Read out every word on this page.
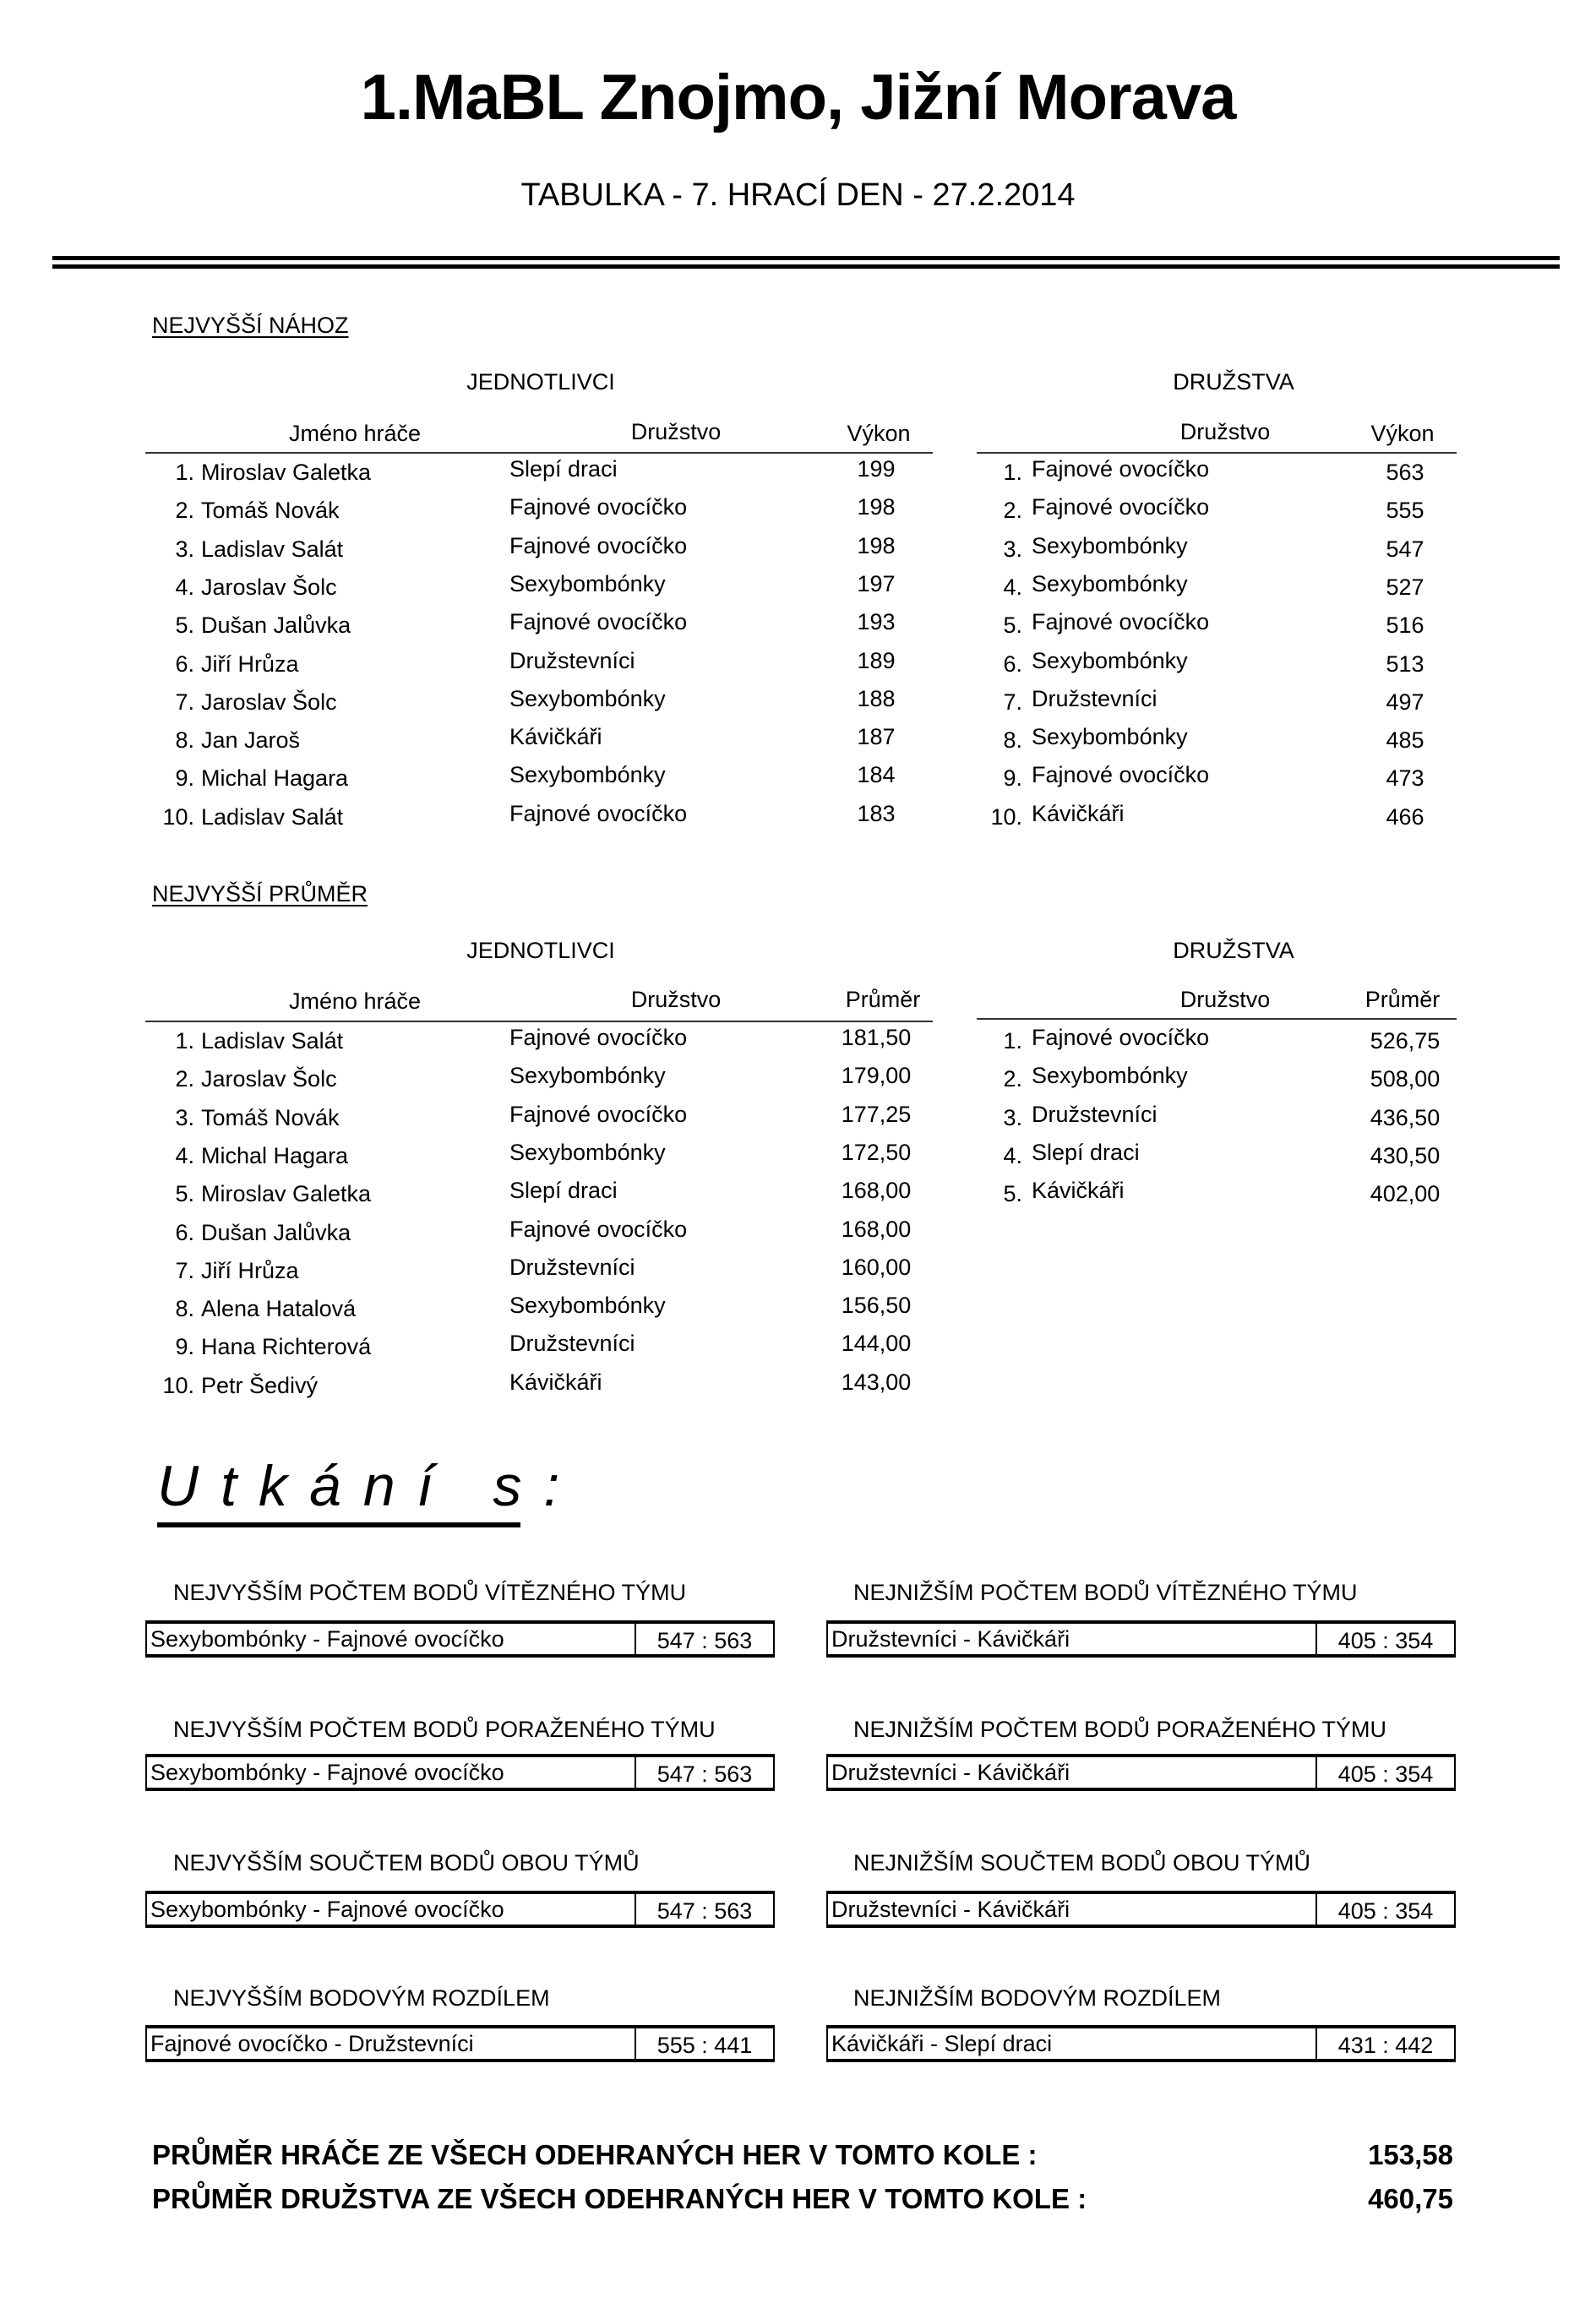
1.MaBL Znojmo, Jižní Morava
TABULKA - 7. HRACÍ DEN - 27.2.2014
NEJVYŠŠÍ NÁHOZ
JEDNOTLIVCI	DRUŽSTVA
Jméno hráče	Družstvo	Výkon
1. Miroslav Galetka	Slepí draci	199
2. Tomáš Novák	Fajnové ovocíčko	198
3. Ladislav Salát	Fajnové ovocíčko	198
4. Jaroslav Šolc	Sexybombónky	197
5. Dušan Jalůvka	Fajnové ovocíčko	193
6. Jiří Hrůza	Družstevníci	189
7. Jaroslav Šolc	Sexybombónky	188
8. Jan Jaroš	Kávičkáři	187
9. Michal Hagara	Sexybombónky	184
10. Ladislav Salát	Fajnové ovocíčko	183
Družstvo	Výkon
1. Fajnové ovocíčko	563
2. Fajnové ovocíčko	555
3. Sexybombónky	547
4. Sexybombónky	527
5. Fajnové ovocíčko	516
6. Sexybombónky	513
7. Družstevníci	497
8. Sexybombónky	485
9. Fajnové ovocíčko	473
10. Kávičkáři	466
NEJVYŠŠÍ PRŮMĚR
JEDNOTLIVCI	DRUŽSTVA
Jméno hráče	Družstvo	Průměr
1. Ladislav Salát	Fajnové ovocíčko	181,50
2. Jaroslav Šolc	Sexybombónky	179,00
3. Tomáš Novák	Fajnové ovocíčko	177,25
4. Michal Hagara	Sexybombónky	172,50
5. Miroslav Galetka	Slepí draci	168,00
6. Dušan Jalůvka	Fajnové ovocíčko	168,00
7. Jiří Hrůza	Družstevníci	160,00
8. Alena Hatalová	Sexybombónky	156,50
9. Hana Richterová	Družstevníci	144,00
10. Petr Šedivý	Kávičkáři	143,00
Družstvo	Průměr
1. Fajnové ovocíčko	526,75
2. Sexybombónky	508,00
3. Družstevníci	436,50
4. Slepí draci	430,50
5. Kávičkáři	402,00
Utkání s:
NEJVYŠŠÍM POČTEM BODŮ VÍTĚZNÉHO TÝMU
Sexybombónky - Fajnové ovocíčko	547 : 563
NEJVYŠŠÍM POČTEM BODŮ PORAŽENÉHO TÝMU
Sexybombónky - Fajnové ovocíčko	547 : 563
NEJVYŠŠÍM SOUČTEM BODŮ OBOU TÝMŮ
Sexybombónky - Fajnové ovocíčko	547 : 563
NEJVYŠŠÍM BODOVÝM ROZDÍLEM
Fajnové ovocíčko - Družstevníci	555 : 441
NEJNIŽŠÍM POČTEM BODŮ VÍTĚZNÉHO TÝMU
Družstevníci - Kávičkáři	405 : 354
NEJNIŽŠÍM POČTEM BODŮ PORAŽENÉHO TÝMU
Družstevníci - Kávičkáři	405 : 354
NEJNIŽŠÍM SOUČTEM BODŮ OBOU TÝMŮ
Družstevníci - Kávičkáři	405 : 354
NEJNIŽŠÍM BODOVÝM ROZDÍLEM
Kávičkáři - Slepí draci	431 : 442
PRŮMĚR HRÁČE ZE VŠECH ODEHRANÝCH HER V TOMTO KOLE :	153,58
PRŮMĚR DRUŽSTVA ZE VŠECH ODEHRANÝCH HER V TOMTO KOLE :	460,75
